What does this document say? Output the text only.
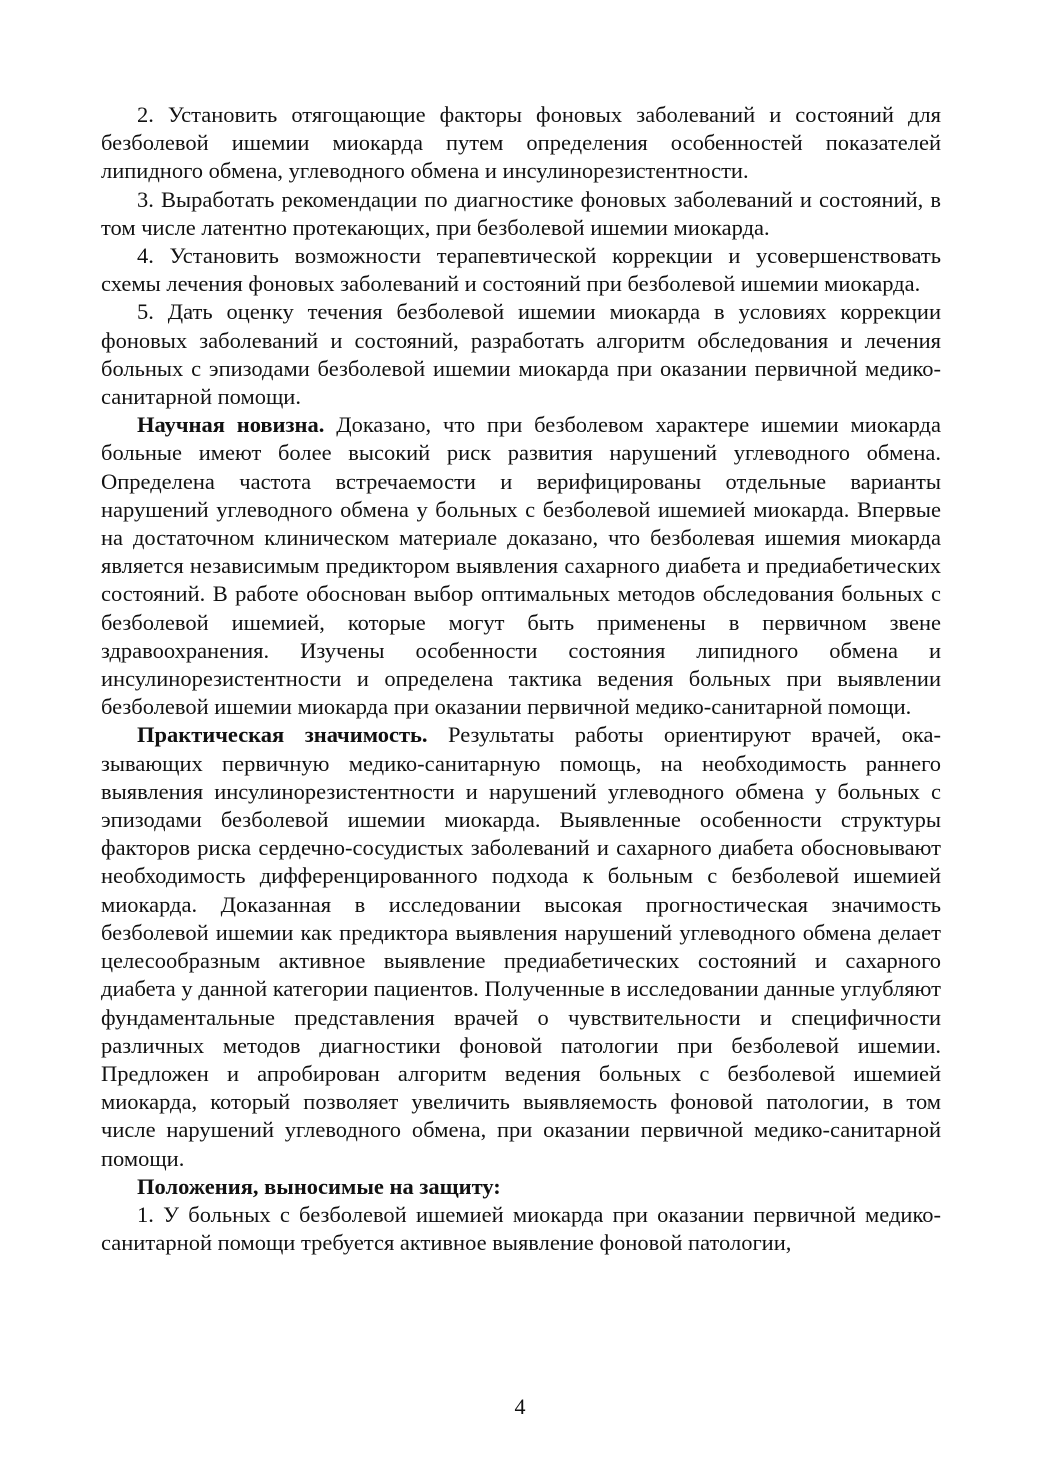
2. Установить отягощающие факторы фоновых заболеваний и состояний для безболевой ишемии миокарда путем определения особенностей показателей липидного обмена, углеводного обмена и инсулинорезистентности.

3. Выработать рекомендации по диагностике фоновых заболеваний и состояний, в том числе латентно протекающих, при безболевой ишемии миокарда.

4. Установить возможности терапевтической коррекции и усовершенствовать схемы лечения фоновых заболеваний и состояний при безболевой ишемии миокарда.

5. Дать оценку течения безболевой ишемии миокарда в условиях коррекции фоновых заболеваний и состояний, разработать алгоритм обследования и лечения больных с эпизодами безболевой ишемии миокарда при оказании первичной медико-санитарной помощи.

Научная новизна. Доказано, что при безболевом характере ишемии миокарда больные имеют более высокий риск развития нарушений углеводного обмена. Определена частота встречаемости и верифицированы отдельные варианты нарушений углеводного обмена у больных с безболевой ишемией миокарда. Впервые на достаточном клиническом материале доказано, что безболевая ишемия миокарда является независимым предиктором выявления сахарного диабета и предиабетических состояний. В работе обоснован выбор оптимальных методов обследования больных с безболевой ишемией, которые могут быть применены в первичном звене здравоохранения. Изучены особенности состояния липидного обмена и инсулинорезистентности и определена тактика ведения больных при выявлении безболевой ишемии миокарда при оказании первичной медико-санитарной помощи.

Практическая значимость. Результаты работы ориентируют врачей, оказывающих первичную медико-санитарную помощь, на необходимость раннего выявления инсулинорезистентности и нарушений углеводного обмена у больных с эпизодами безболевой ишемии миокарда. Выявленные особенности структуры факторов риска сердечно-сосудистых заболеваний и сахарного диабета обосновывают необходимость дифференцированного подхода к больным с безболевой ишемией миокарда. Доказанная в исследовании высокая прогностическая значимость безболевой ишемии как предиктора выявления нарушений углеводного обмена делает целесообразным активное выявление предиабетических состояний и сахарного диабета у данной категории пациентов. Полученные в исследовании данные углубляют фундаментальные представления врачей о чувствительности и специфичности различных методов диагностики фоновой патологии при безболевой ишемии. Предложен и апробирован алгоритм ведения больных с безболевой ишемией миокарда, который позволяет увеличить выявляемость фоновой патологии, в том числе нарушений углеводного обмена, при оказании первичной медико-санитарной помощи.

Положения, выносимые на защиту:

1. У больных с безболевой ишемией миокарда при оказании первичной медико-санитарной помощи требуется активное выявление фоновой патологии,

4
